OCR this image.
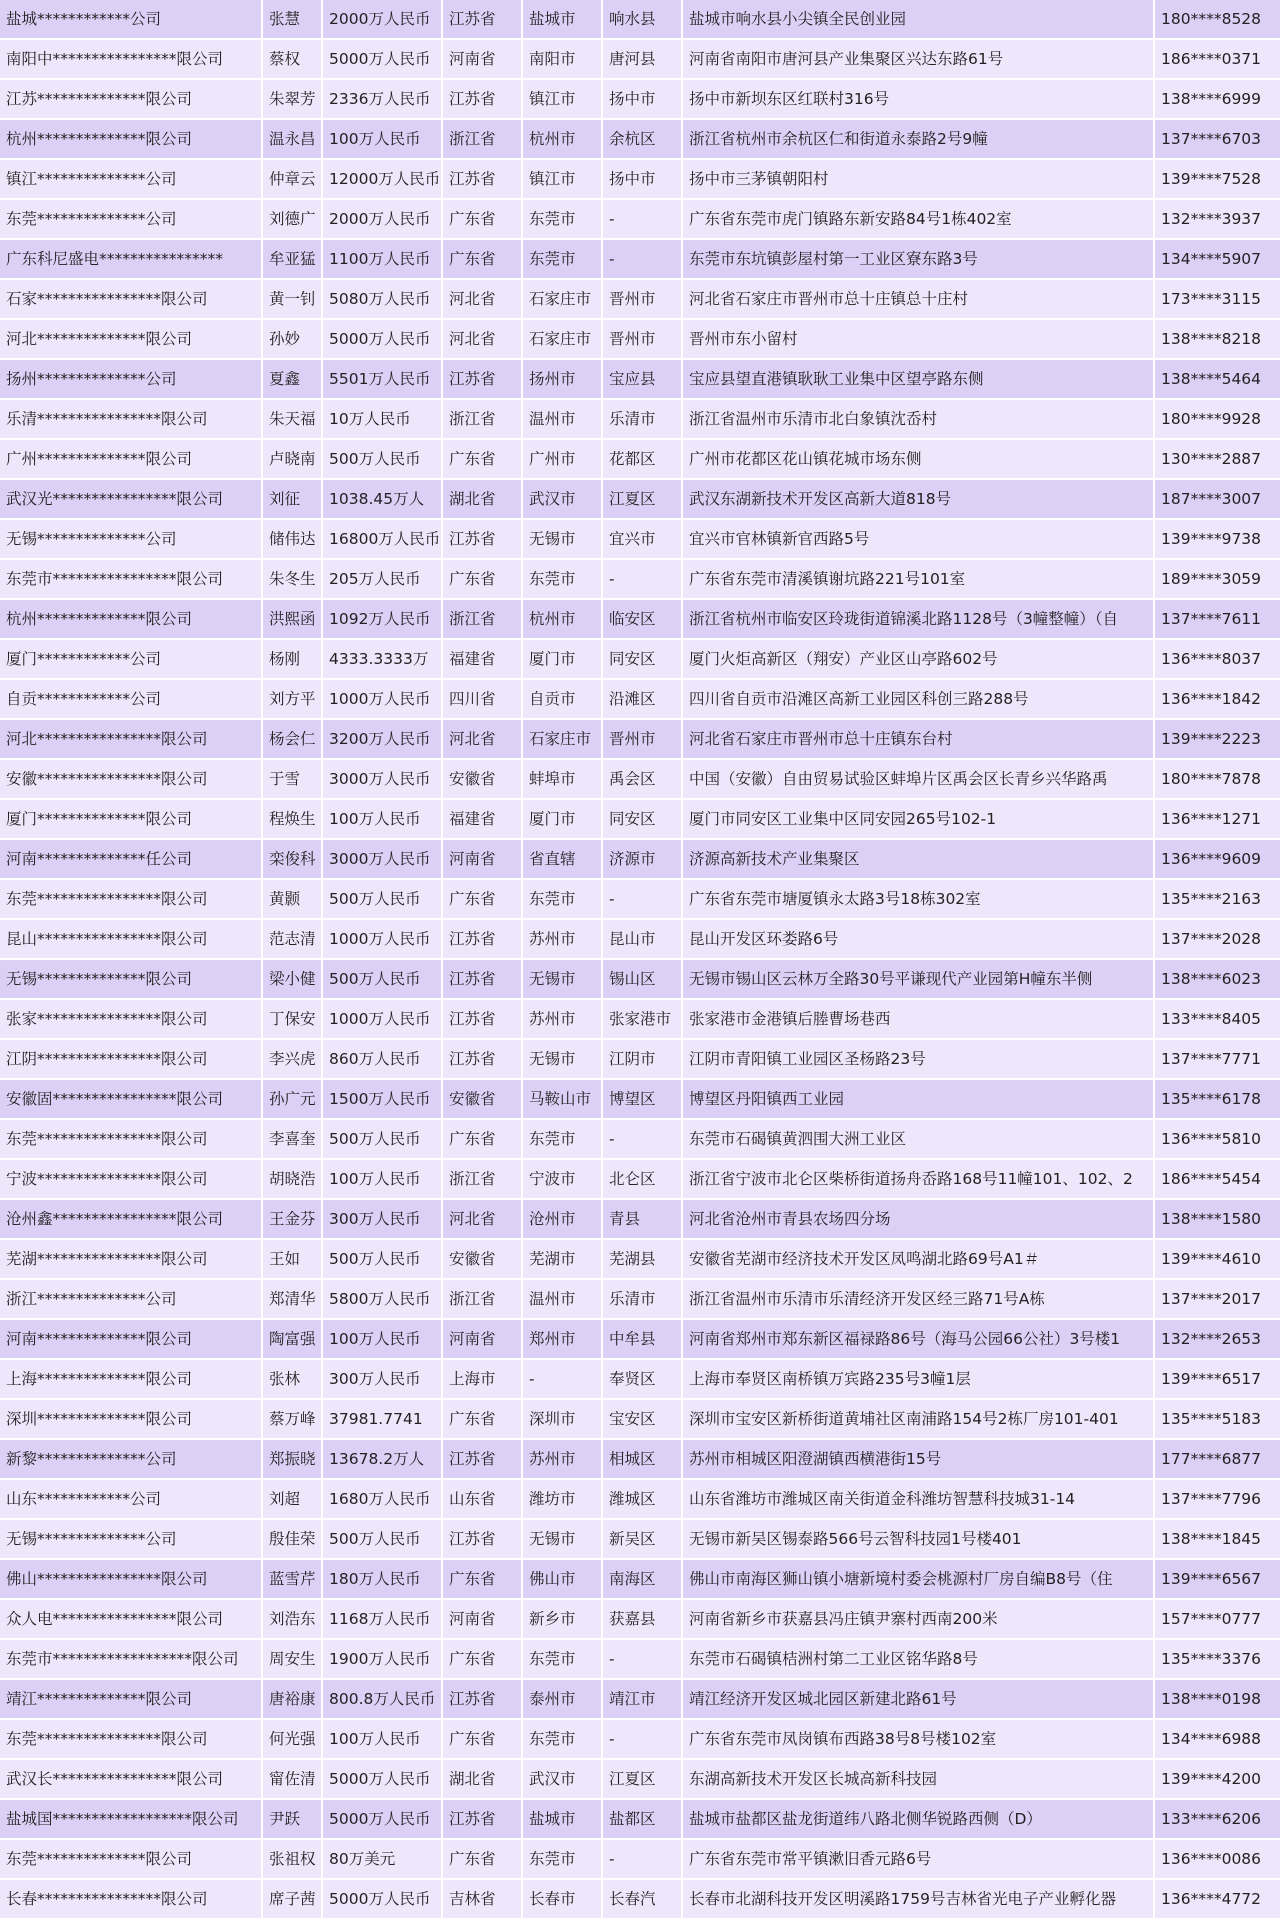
盐城************公司	张慧	2000万人民币	江苏省	盐城市	响水县	盐城市响水县小尖镇全民创业园	180****8528
南阳中****************限公司	蔡权	5000万人民币	河南省	南阳市	唐河县	河南省南阳市唐河县产业集聚区兴达东路61号	186****0371
江苏**************限公司	朱翠芳	2336万人民币	江苏省	镇江市	扬中市	扬中市新坝东区红联村316号	138****6999
杭州**************限公司	温永昌	100万人民币	浙江省	杭州市	余杭区	浙江省杭州市余杭区仁和街道永泰路2号9幢	137****6703
镇江**************公司	仲章云	12000万人民币	江苏省	镇江市	扬中市	扬中市三茅镇朝阳村	139****7528
东莞**************公司	刘德广	2000万人民币	广东省	东莞市	-	广东省东莞市虎门镇路东新安路84号1栋402室	132****3937
广东科尼盛电****************	牟亚猛	1100万人民币	广东省	东莞市	-	东莞市东坑镇彭屋村第一工业区寮东路3号	134****5907
石家****************限公司	黄一钊	5080万人民币	河北省	石家庄市	晋州市	河北省石家庄市晋州市总十庄镇总十庄村	173****3115
河北**************限公司	孙妙	5000万人民币	河北省	石家庄市	晋州市	晋州市东小留村	138****8218
扬州**************公司	夏鑫	5501万人民币	江苏省	扬州市	宝应县	宝应县望直港镇耿耿工业集中区望亭路东侧	138****5464
乐清****************限公司	朱天福	10万人民币	浙江省	温州市	乐清市	浙江省温州市乐清市北白象镇沈岙村	180****9928
广州**************限公司	卢晓南	500万人民币	广东省	广州市	花都区	广州市花都区花山镇花城市场东侧	130****2887
武汉光****************限公司	刘征	1038.45万人	湖北省	武汉市	江夏区	武汉东湖新技术开发区高新大道818号	187****3007
无锡**************公司	储伟达	16800万人民币	江苏省	无锡市	宜兴市	宜兴市官林镇新官西路5号	139****9738
东莞市****************限公司	朱冬生	205万人民币	广东省	东莞市	-	广东省东莞市清溪镇谢坑路221号101室	189****3059
杭州**************限公司	洪熙函	1092万人民币	浙江省	杭州市	临安区	浙江省杭州市临安区玲珑街道锦溪北路1128号（3幢整幢）（自	137****7611
厦门************公司	杨刚	4333.3333万	福建省	厦门市	同安区	厦门火炬高新区（翔安）产业区山亭路602号	136****8037
自贡************公司	刘方平	1000万人民币	四川省	自贡市	沿滩区	四川省自贡市沿滩区高新工业园区科创三路288号	136****1842
河北****************限公司	杨会仁	3200万人民币	河北省	石家庄市	晋州市	河北省石家庄市晋州市总十庄镇东台村	139****2223
安徽****************限公司	于雪	3000万人民币	安徽省	蚌埠市	禹会区	中国（安徽）自由贸易试验区蚌埠片区禹会区长青乡兴华路禹	180****7878
厦门**************限公司	程焕生	100万人民币	福建省	厦门市	同安区	厦门市同安区工业集中区同安园265号102-1	136****1271
河南**************任公司	栾俊科	3000万人民币	河南省	省直辖	济源市	济源高新技术产业集聚区	136****9609
东莞****************限公司	黄颢	500万人民币	广东省	东莞市	-	广东省东莞市塘厦镇永太路3号18栋302室	135****2163
昆山****************限公司	范志清	1000万人民币	江苏省	苏州市	昆山市	昆山开发区环娄路6号	137****2028
无锡**************限公司	梁小健	500万人民币	江苏省	无锡市	锡山区	无锡市锡山区云林万全路30号平谦现代产业园第H幢东半侧	138****6023
张家****************限公司	丁保安	1000万人民币	江苏省	苏州市	张家港市	张家港市金港镇后塍曹场巷西	133****8405
江阴****************限公司	李兴虎	860万人民币	江苏省	无锡市	江阴市	江阴市青阳镇工业园区圣杨路23号	137****7771
安徽固****************限公司	孙广元	1500万人民币	安徽省	马鞍山市	博望区	博望区丹阳镇西工业园	135****6178
东莞****************限公司	李喜奎	500万人民币	广东省	东莞市	-	东莞市石碣镇黄泗围大洲工业区	136****5810
宁波****************限公司	胡晓浩	100万人民币	浙江省	宁波市	北仑区	浙江省宁波市北仑区柴桥街道扬舟岙路168号11幢101、102、2	186****5454
沧州鑫****************限公司	王金芬	300万人民币	河北省	沧州市	青县	河北省沧州市青县农场四分场	138****1580
芜湖****************限公司	王如	500万人民币	安徽省	芜湖市	芜湖县	安徽省芜湖市经济技术开发区凤鸣湖北路69号A1＃	139****4610
浙江**************公司	郑清华	5800万人民币	浙江省	温州市	乐清市	浙江省温州市乐清市乐清经济开发区经三路71号A栋	137****2017
河南**************限公司	陶富强	100万人民币	河南省	郑州市	中牟县	河南省郑州市郑东新区福禄路86号（海马公园66公社）3号楼1	132****2653
上海**************限公司	张林	300万人民币	上海市	-	奉贤区	上海市奉贤区南桥镇万宾路235号3幢1层	139****6517
深圳**************限公司	蔡万峰	37981.7741	广东省	深圳市	宝安区	深圳市宝安区新桥街道黄埔社区南浦路154号2栋厂房101-401	135****5183
新黎**************公司	郑振晓	13678.2万人	江苏省	苏州市	相城区	苏州市相城区阳澄湖镇西横港街15号	177****6877
山东************公司	刘超	1680万人民币	山东省	潍坊市	潍城区	山东省潍坊市潍城区南关街道金科潍坊智慧科技城31-14	137****7796
无锡**************公司	殷佳荣	500万人民币	江苏省	无锡市	新吴区	无锡市新吴区锡泰路566号云智科技园1号楼401	138****1845
佛山****************限公司	蓝雪芹	180万人民币	广东省	佛山市	南海区	佛山市南海区狮山镇小塘新境村委会桃源村厂房自编B8号（住	139****6567
众人电****************限公司	刘浩东	1168万人民币	河南省	新乡市	获嘉县	河南省新乡市获嘉县冯庄镇尹寨村西南200米	157****0777
东莞市******************限公司	周安生	1900万人民币	广东省	东莞市	-	东莞市石碣镇桔洲村第二工业区铭华路8号	135****3376
靖江**************限公司	唐裕康	800.8万人民币	江苏省	泰州市	靖江市	靖江经济开发区城北园区新建北路61号	138****0198
东莞****************限公司	何光强	100万人民币	广东省	东莞市	-	广东省东莞市凤岗镇布西路38号8号楼102室	134****6988
武汉长****************限公司	甯佐清	5000万人民币	湖北省	武汉市	江夏区	东湖高新技术开发区长城高新科技园	139****4200
盐城国******************限公司	尹跃	5000万人民币	江苏省	盐城市	盐都区	盐城市盐都区盐龙街道纬八路北侧华锐路西侧（D）	133****6206
东莞**************限公司	张祖权	80万美元	广东省	东莞市	-	广东省东莞市常平镇漱旧香元路6号	136****0086
长春****************限公司	席子茜	5000万人民币	吉林省	长春市	长春汽	长春市北湖科技开发区明溪路1759号吉林省光电子产业孵化器	136****4772
